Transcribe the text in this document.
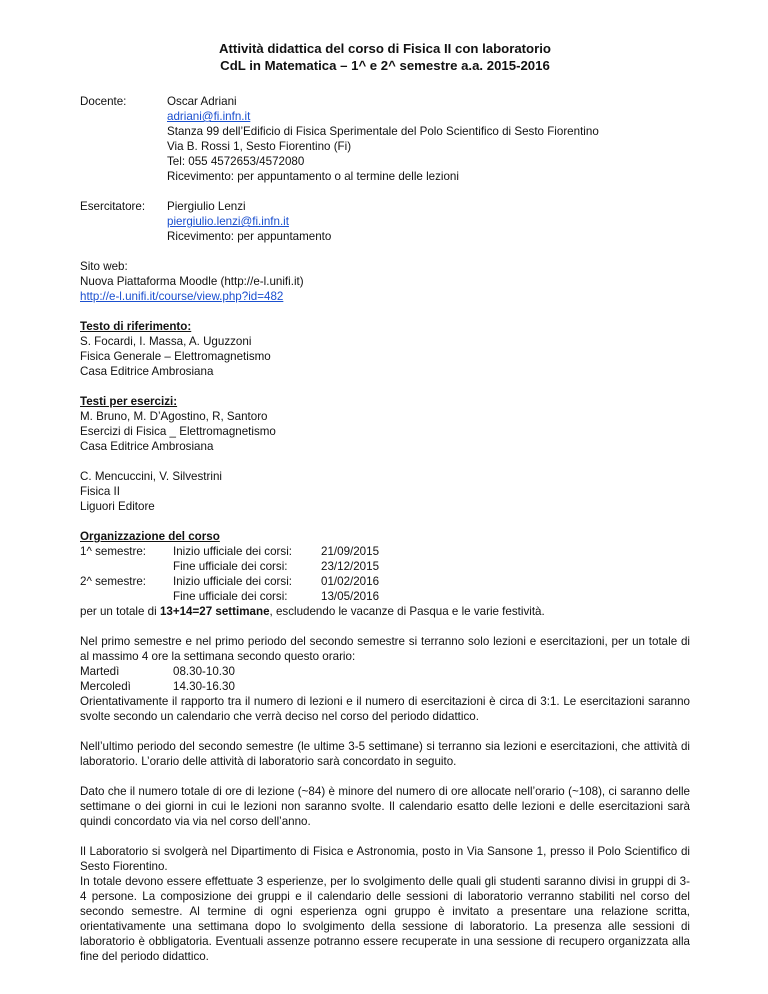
Attività didattica del corso di Fisica II con laboratorio
CdL in Matematica – 1^ e 2^ semestre a.a. 2015-2016
Docente:	Oscar Adriani
adriani@fi.infn.it
Stanza 99 dell’Edificio di Fisica Sperimentale del Polo Scientifico di Sesto Fiorentino
Via B. Rossi 1, Sesto Fiorentino (Fi)
Tel: 055 4572653/4572080
Ricevimento: per appuntamento o al termine delle lezioni
Esercitatore:	Piergiulio Lenzi
piergiulio.lenzi@fi.infn.it
Ricevimento: per appuntamento
Sito web:
Nuova Piattaforma Moodle (http://e-l.unifi.it)
http://e-l.unifi.it/course/view.php?id=482
Testo di riferimento:
S. Focardi, I. Massa, A. Uguzzoni
Fisica Generale – Elettromagnetismo
Casa Editrice Ambrosiana
Testi per esercizi:
M. Bruno, M. D’Agostino, R, Santoro
Esercizi di Fisica _ Elettromagnetismo
Casa Editrice Ambrosiana
C. Mencuccini, V. Silvestrini
Fisica II
Liguori Editore
Organizzazione del corso
1^ semestre:	Inizio ufficiale dei corsi:	21/09/2015
Fine ufficiale dei corsi:	23/12/2015
2^ semestre:	Inizio ufficiale dei corsi:	01/02/2016
Fine ufficiale dei corsi:	13/05/2016
per un totale di 13+14=27 settimane, escludendo le vacanze di Pasqua e le varie festività.
Nel primo semestre e nel primo periodo del secondo semestre si terranno solo lezioni e esercitazioni, per un totale di al massimo 4 ore la settimana secondo questo orario:
Martedì	08.30-10.30
Mercoledì	14.30-16.30
Orientativamente il rapporto tra il numero di lezioni e il numero di esercitazioni è circa di 3:1. Le esercitazioni saranno svolte secondo un calendario che verrà deciso nel corso del periodo didattico.
Nell’ultimo periodo del secondo semestre (le ultime 3-5 settimane) si terranno sia lezioni e esercitazioni, che attività di laboratorio. L’orario delle attività di laboratorio sarà concordato in seguito.
Dato che il numero totale di ore di lezione (~84) è minore del numero di ore allocate nell’orario (~108), ci saranno delle settimane o dei giorni in cui le lezioni non saranno svolte. Il calendario esatto delle lezioni e delle esercitazioni sarà quindi concordato via via nel corso dell’anno.
Il Laboratorio si svolgerà nel Dipartimento di Fisica e Astronomia, posto in Via Sansone 1, presso il Polo Scientifico di Sesto Fiorentino.
In totale devono essere effettuate 3 esperienze, per lo svolgimento delle quali gli studenti saranno divisi in gruppi di 3-4 persone. La composizione dei gruppi e il calendario delle sessioni di laboratorio verranno stabiliti nel corso del secondo semestre. Al termine di ogni esperienza ogni gruppo è invitato a presentare una relazione scritta, orientativamente una settimana dopo lo svolgimento della sessione di laboratorio. La presenza alle sessioni di laboratorio è obbligatoria. Eventuali assenze potranno essere recuperate in una sessione di recupero organizzata alla fine del periodo didattico.
